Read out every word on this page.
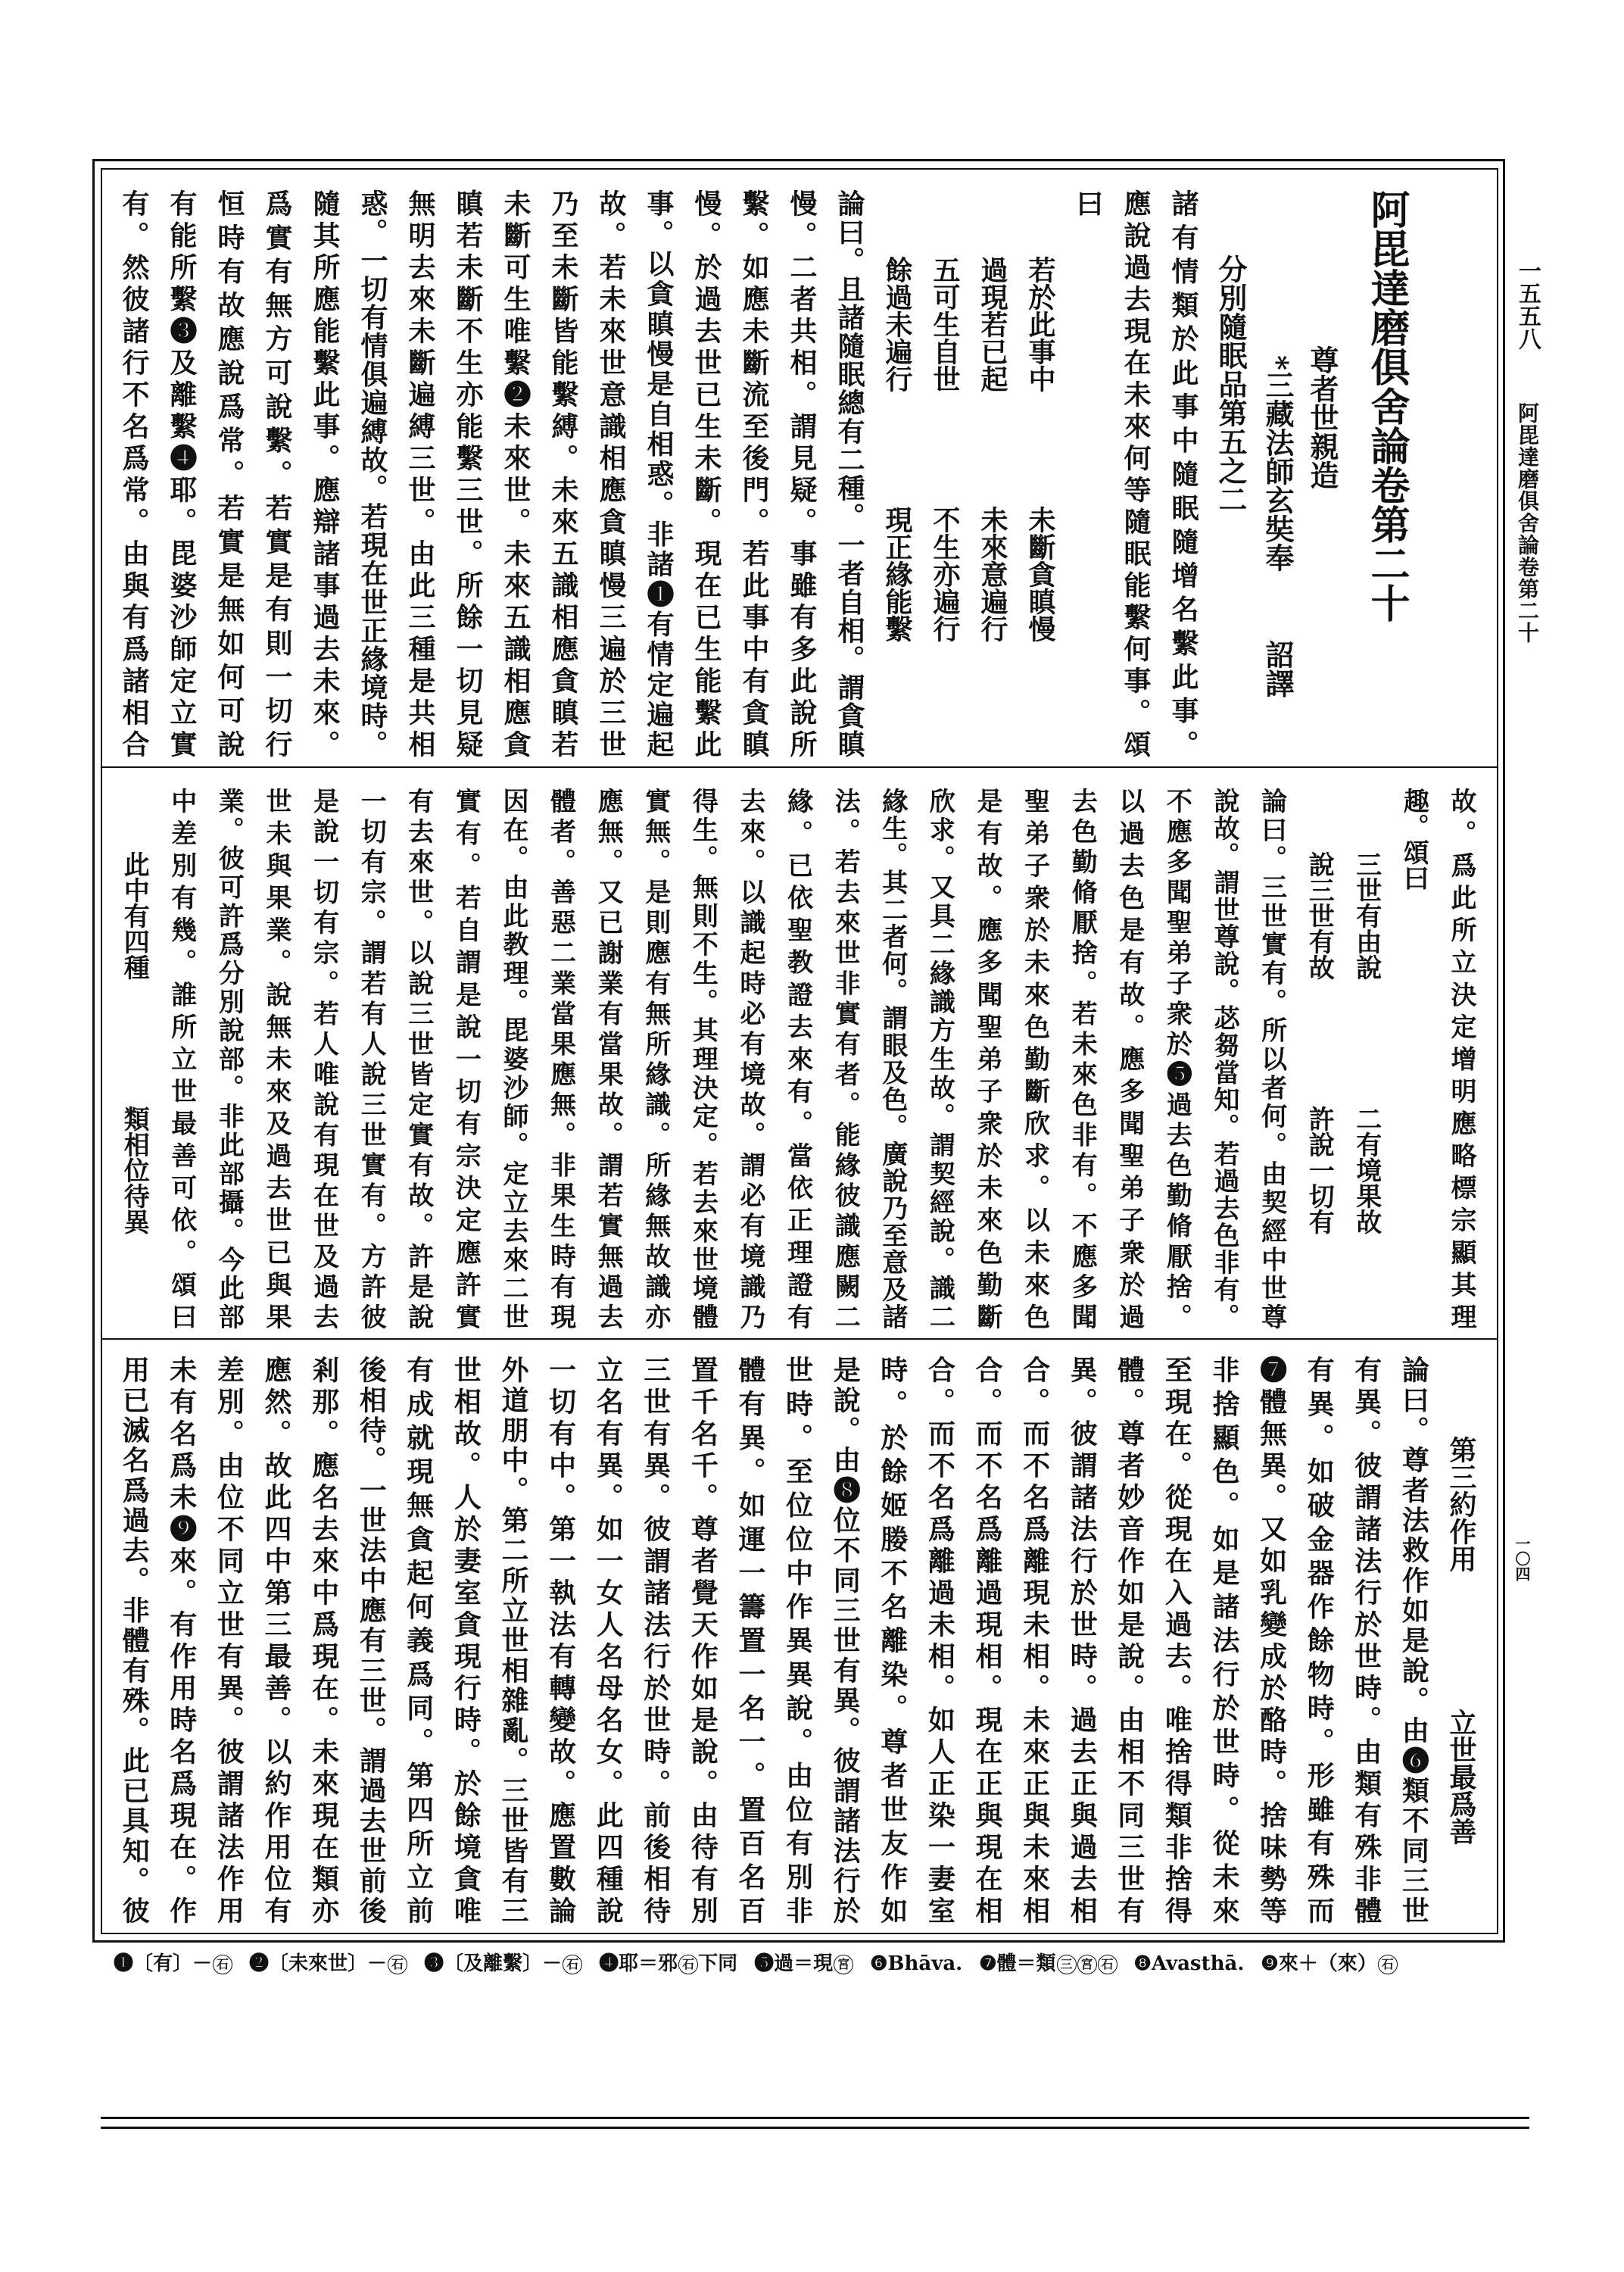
一五五八
阿毘達磨俱舍論卷第二十
一〇四
阿毘達磨俱舍論卷第二十
尊者世親造
*三藏法師玄奘奉
詔譯
分別隨眠品第五之二
諸有情類於此事中隨眠隨增名繫此事。
應說過去現在未來何等隨眠能繫何事。頌
曰
若於此事中
未斷貪瞋慢
過現若已起
未來意遍行
五可生自世
不生亦遍行
餘過未遍行
現正緣能繫
論曰。且諸隨眠總有二種。一者自相。謂貪瞋
慢。二者共相。謂見疑。事雖有多此說所
繫。如應未斷流至後門。若此事中有貪瞋
慢。於過去世已生未斷。現在已生能繫此
事。以貪瞋慢是自相惑。非諸❶有情定遍起
故。若未來世意識相應貪瞋慢三遍於三世
乃至未斷皆能繫縛。未來五識相應貪瞋若
未斷可生唯繫❷未來世。未來五識相應貪
瞋若未斷不生亦能繫三世。所餘一切見疑
無明去來未斷遍縛三世。由此三種是共相
惑。一切有情俱遍縛故。若現在世正緣境時。
隨其所應能繫此事。應辯諸事過去未來。
爲實有無方可說繫。若實是有則一切行
恒時有故應說爲常。若實是無如何可說
有能所繫❸及離繫❹耶。毘婆沙師定立實
有。然彼諸行不名爲常。由與有爲諸相合
故。爲此所立決定增明應略標宗顯其理
趣。頌曰
三世有由說
二有境果故
說三世有故
許說一切有
論曰。三世實有。所以者何。由契經中世尊
說故。謂世尊說。苾芻當知。若過去色非有。
不應多聞聖弟子衆於❺過去色勤脩厭捨。
以過去色是有故。應多聞聖弟子衆於過
去色勤脩厭捨。若未來色非有。不應多聞
聖弟子衆於未來色勤斷欣求。以未來色
是有故。應多聞聖弟子衆於未來色勤斷
欣求。又具二緣識方生故。謂契經說。識二
緣生。其二者何。謂眼及色。廣說乃至意及諸
法。若去來世非實有者。能緣彼識應闕二
緣。已依聖教證去來有。當依正理證有
去來。以識起時必有境故。謂必有境識乃
得生。無則不生。其理決定。若去來世境體
實無。是則應有無所緣識。所緣無故識亦
應無。又已謝業有當果故。謂若實無過去
體者。善惡二業當果應無。非果生時有現
因在。由此教理。毘婆沙師。定立去來二世
實有。若自謂是說一切有宗決定應許實
有去來世。以說三世皆定實有故。許是說
一切有宗。謂若有人說三世實有。方許彼
是說一切有宗。若人唯說有現在世及過去
世未與果業。說無未來及過去世已與果
業。彼可許爲分別說部。非此部攝。今此部
中差別有幾。誰所立世最善可依。頌曰
此中有四種
類相位待異
第三約作用
立世最爲善
論曰。尊者法救作如是說。由❻類不同三世
有異。彼謂諸法行於世時。由類有殊非體
有異。如破金器作餘物時。形雖有殊而
❼體無異。又如乳變成於酪時。捨味勢等
非捨顯色。如是諸法行於世時。從未來
至現在。從現在入過去。唯捨得類非捨得
體。尊者妙音作如是說。由相不同三世有
異。彼謂諸法行於世時。過去正與過去相
合。而不名爲離現未相。未來正與未來相
合。而不名爲離過現相。現在正與現在相
合。而不名爲離過未相。如人正染一妻室
時。於餘姬媵不名離染。尊者世友作如
是說。由❽位不同三世有異。彼謂諸法行於
世時。至位位中作異異說。由位有別非
體有異。如運一籌置一名一。置百名百
置千名千。尊者覺天作如是說。由待有別
三世有異。彼謂諸法行於世時。前後相待
立名有異。如一女人名母名女。此四種說
一切有中。第一執法有轉變故。應置數論
外道朋中。第二所立世相雜亂。三世皆有三
世相故。人於妻室貪現行時。於餘境貪唯
有成就現無貪起何義爲同。第四所立前
後相待。一世法中應有三世。謂過去世前後
剎那。應名去來中爲現在。未來現在類亦
應然。故此四中第三最善。以約作用位有
差別。由位不同立世有異。彼謂諸法作用
未有名爲未❾來。有作用時名爲現在。作
用已滅名爲過去。非體有殊。此已具知。彼
❶〔有〕－ 石 ❷〔未來世〕－ 石 ❸〔及離繫〕－ 石 ❹耶＝邪 石 下同 ❺過＝現 宮 ❻Bhāva. ❼體＝類 三 宮 石 ❽Avasthā. ❾來＋（來） 石
